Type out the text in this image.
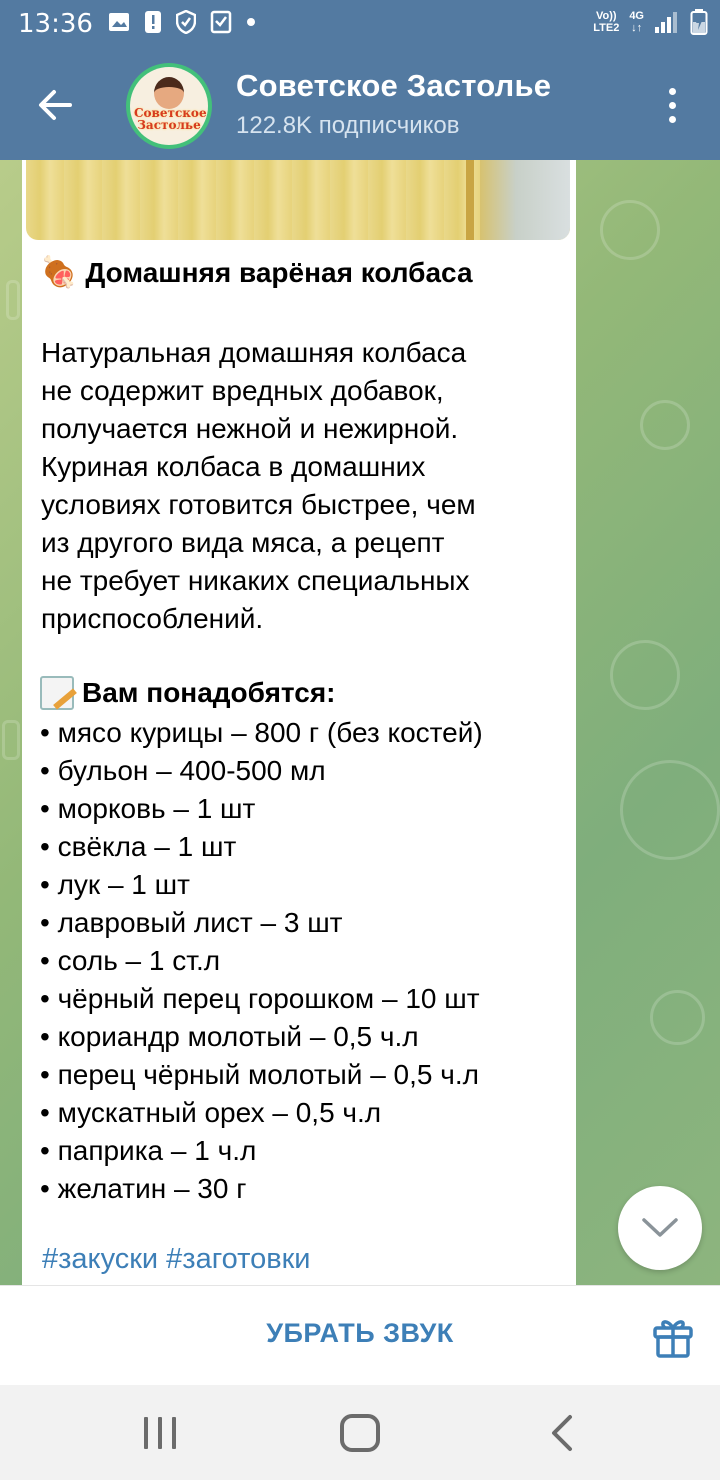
13:36	Vo))
LTE2
4G
↓↑
Советское Застолье
Советское Застолье
122.8K подписчиков
🍖 Домашняя варёная колбаса
Натуральная домашняя колбаса
не содержит вредных добавок,
получается нежной и нежирной.
Куриная колбаса в домашних
условиях готовится быстрее, чем
из другого вида мяса, а рецепт
не требует никаких специальных
приспособлений.
Вам понадобятся:
• мясо курицы – 800 г (без костей)
• бульон – 400-500 мл
• морковь – 1 шт
• свёкла – 1 шт
• лук – 1 шт
• лавровый лист – 3 шт
• соль – 1 ст.л
• чёрный перец горошком – 10 шт
• кориандр молотый – 0,5 ч.л
• перец чёрный молотый – 0,5 ч.л
• мускатный орех – 0,5 ч.л
• паприка – 1 ч.л
• желатин – 30 г
#закуски #заготовки
УБРАТЬ ЗВУК
